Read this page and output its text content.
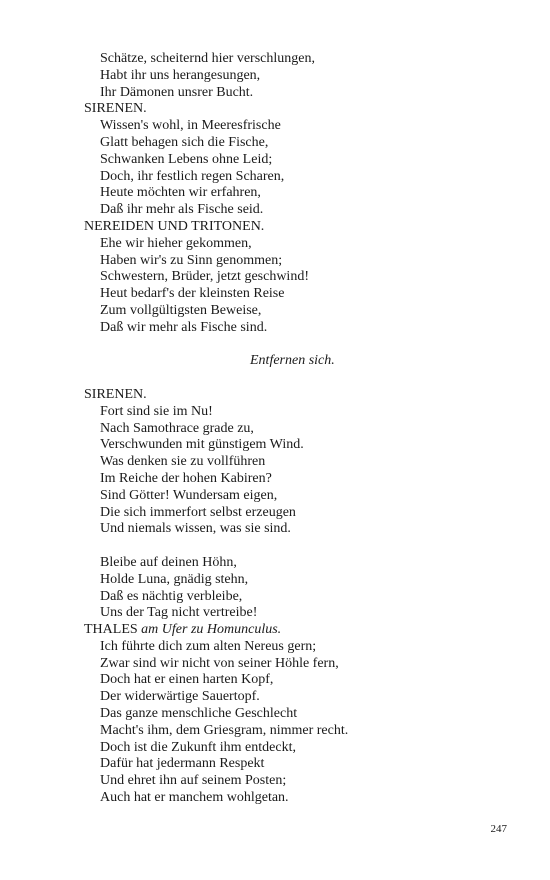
Schätze, scheiternd hier verschlungen,
Habt ihr uns herangesungen,
Ihr Dämonen unsrer Bucht.
SIRENEN.
Wissen's wohl, in Meeresfrische
Glatt behagen sich die Fische,
Schwanken Lebens ohne Leid;
Doch, ihr festlich regen Scharen,
Heute möchten wir erfahren,
Daß ihr mehr als Fische seid.
NEREIDEN UND TRITONEN.
Ehe wir hieher gekommen,
Haben wir's zu Sinn genommen;
Schwestern, Brüder, jetzt geschwind!
Heut bedarf's der kleinsten Reise
Zum vollgültigsten Beweise,
Daß wir mehr als Fische sind.
Entfernen sich.
SIRENEN.
Fort sind sie im Nu!
Nach Samothrace grade zu,
Verschwunden mit günstigem Wind.
Was denken sie zu vollführen
Im Reiche der hohen Kabiren?
Sind Götter! Wundersam eigen,
Die sich immerfort selbst erzeugen
Und niemals wissen, was sie sind.
Bleibe auf deinen Höhn,
Holde Luna, gnädig stehn,
Daß es nächtig verbleibe,
Uns der Tag nicht vertreibe!
THALES am Ufer zu Homunculus.
Ich führte dich zum alten Nereus gern;
Zwar sind wir nicht von seiner Höhle fern,
Doch hat er einen harten Kopf,
Der widerwärtige Sauertopf.
Das ganze menschliche Geschlecht
Macht's ihm, dem Griesgram, nimmer recht.
Doch ist die Zukunft ihm entdeckt,
Dafür hat jedermann Respekt
Und ehret ihn auf seinem Posten;
Auch hat er manchem wohlgetan.
247
